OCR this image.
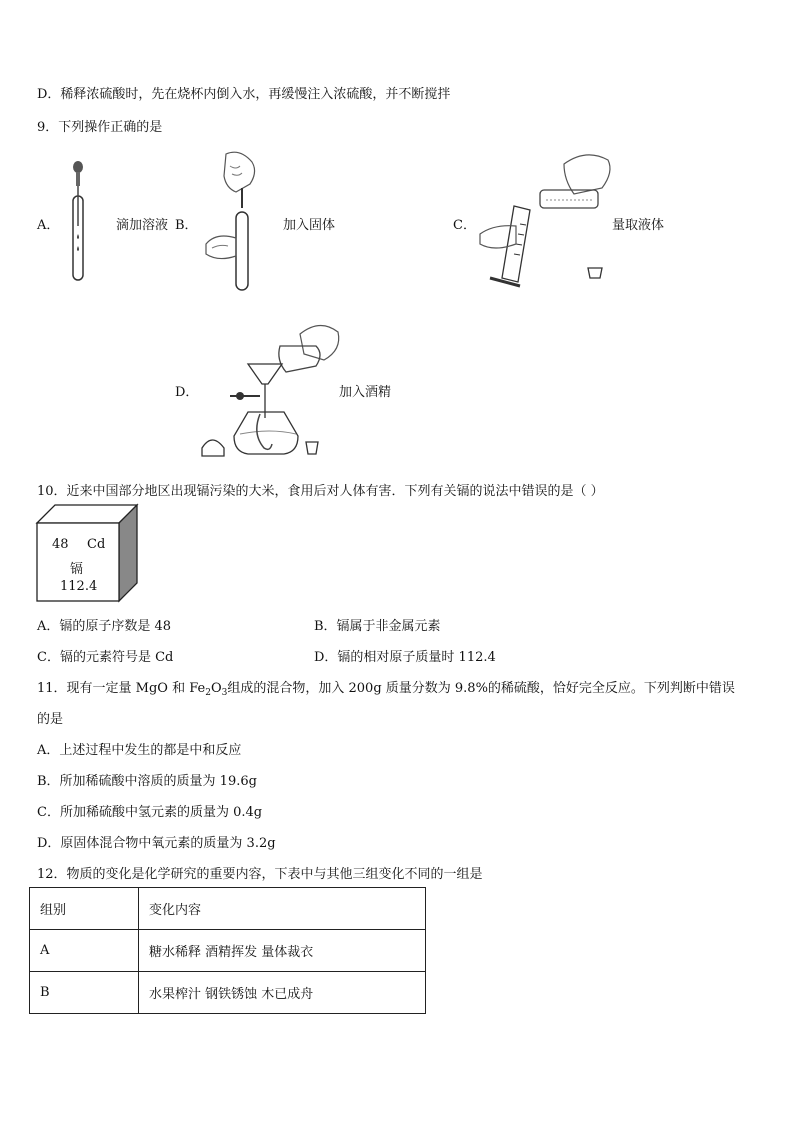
D．稀释浓硫酸时，先在烧杯内倒入水，再缓慢注入浓硫酸，并不断搅拌
9．下列操作正确的是
A．	滴加溶液 B．	加入固体	C．	量取液体
D．	加入酒精
10．近来中国部分地区出现镉污染的大米，食用后对人体有害．下列有关镉的说法中错误的是（ ）
48 Cd
镉
112.4
A．镉的原子序数是 48	B．镉属于非金属元素
C．镉的元素符号是 Cd	D．镉的相对原子质量时 112.4
11．现有一定量 MgO 和 $Fe_2O_3$组成的混合物，加入 200g 质量分数为 9.8%的稀硫酸，恰好完全反应。下列判断中错误
的是
A．上述过程中发生的都是中和反应
B．所加稀硫酸中溶质的质量为 19.6g
C．所加稀硫酸中氢元素的质量为 0.4g
D．原固体混合物中氧元素的质量为 3.2g
12．物质的变化是化学研究的重要内容，下表中与其他三组变化不同的一组是
组别	变化内容
A	糖水稀释 酒精挥发 量体裁衣
B	水果榨汁 钢铁锈蚀 木已成舟
